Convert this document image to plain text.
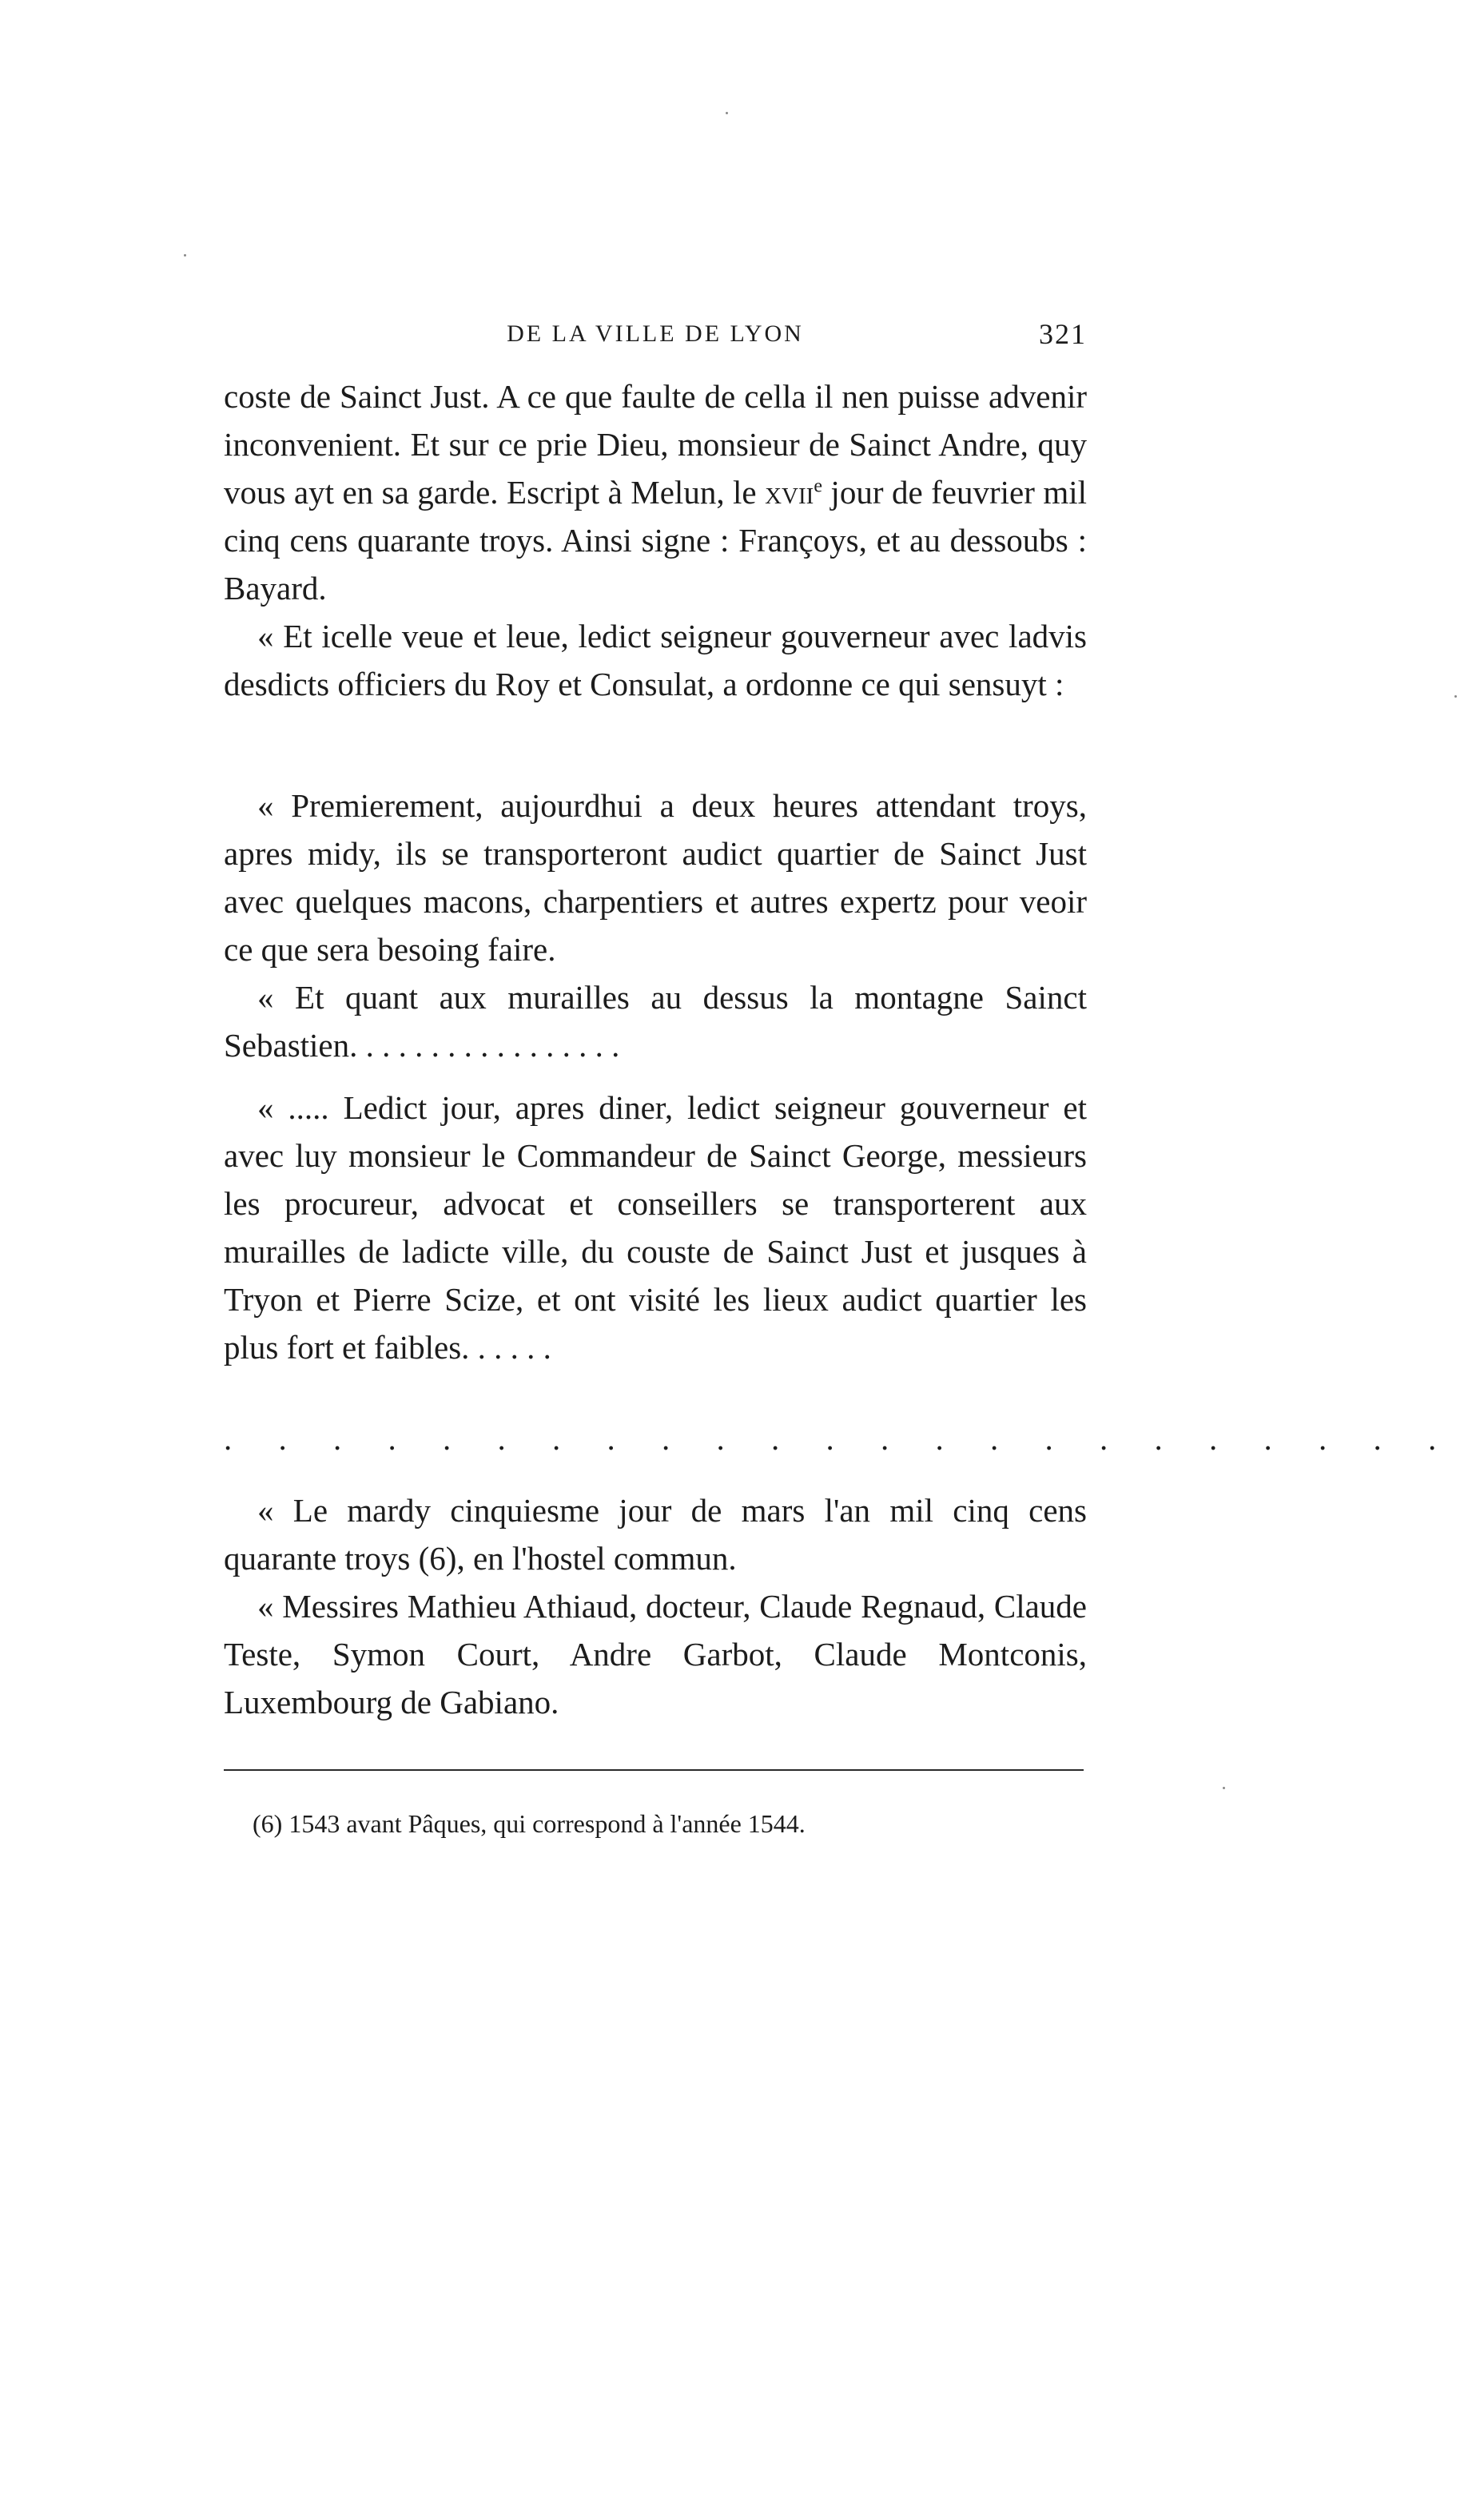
DE LA VILLE DE LYON	321

coste de Sainct Just. A ce que faulte de cella il nen puisse advenir inconvenient. Et sur ce prie Dieu, monsieur de Sainct Andre, quy vous ayt en sa garde. Escript à Melun, le xvii$^e$ jour de feuvrier mil cinq cens quarante troys. Ainsi signe : Françoys, et au dessoubs : Bayard.

« Et icelle veue et leue, ledict seigneur gouverneur avec ladvis desdicts officiers du Roy et Consulat, a ordonne ce qui sensuyt :

« Premierement, aujourdhui a deux heures attendant troys, apres midy, ils se transporteront audict quartier de Sainct Just avec quelques macons, charpentiers et autres expertz pour veoir ce que sera besoing faire.

« Et quant aux murailles au dessus la montagne Sainct Sebastien. . . . . . . . . . . . . . . . .

« ..... Ledict jour, apres diner, ledict seigneur gouverneur et avec luy monsieur le Commandeur de Sainct George, messieurs les procureur, advocat et conseillers se transporterent aux murailles de ladicte ville, du couste de Sainct Just et jusques à Tryon et Pierre Scize, et ont visité les lieux audict quartier les plus fort et faibles. . . . . .

. . . . . . . . . . . . . . . . . . . . . . .

« Le mardy cinquiesme jour de mars l'an mil cinq cens quarante troys (6), en l'hostel commun.

« Messires Mathieu Athiaud, docteur, Claude Regnaud, Claude Teste, Symon Court, Andre Garbot, Claude Montconis, Luxembourg de Gabiano.

(6) 1543 avant Pâques, qui correspond à l'année 1544.
